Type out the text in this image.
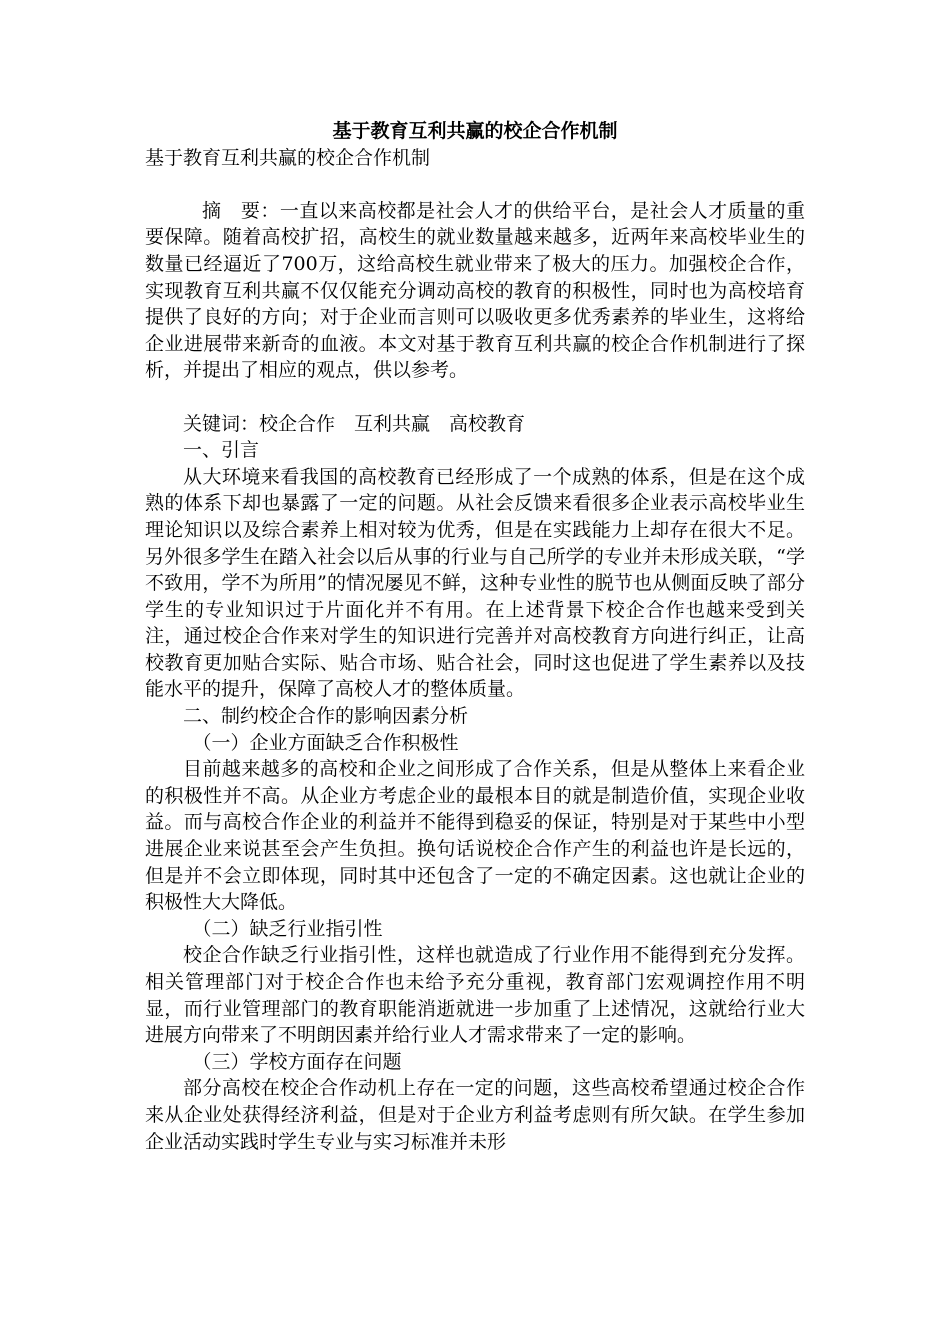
基于教育互利共赢的校企合作机制

基于教育互利共赢的校企合作机制

摘　要：一直以来高校都是社会人才的供给平台，是社会人才质量的重要保障。随着高校扩招，高校生的就业数量越来越多，近两年来高校毕业生的数量已经逼近了700万，这给高校生就业带来了极大的压力。加强校企合作，实现教育互利共赢不仅仅能充分调动高校的教育的积极性，同时也为高校培育提供了良好的方向；对于企业而言则可以吸收更多优秀素养的毕业生，这将给企业进展带来新奇的血液。本文对基于教育互利共赢的校企合作机制进行了探析，并提出了相应的观点，供以参考。

关键词：校企合作　互利共赢　高校教育

一、引言

从大环境来看我国的高校教育已经形成了一个成熟的体系，但是在这个成熟的体系下却也暴露了一定的问题。从社会反馈来看很多企业表示高校毕业生理论知识以及综合素养上相对较为优秀，但是在实践能力上却存在很大不足。另外很多学生在踏入社会以后从事的行业与自己所学的专业并未形成关联，“学不致用，学不为所用”的情况屡见不鲜，这种专业性的脱节也从侧面反映了部分学生的专业知识过于片面化并不有用。在上述背景下校企合作也越来受到关注，通过校企合作来对学生的知识进行完善并对高校教育方向进行纠正，让高校教育更加贴合实际、贴合市场、贴合社会，同时这也促进了学生素养以及技能水平的提升，保障了高校人才的整体质量。

二、制约校企合作的影响因素分析

（一）企业方面缺乏合作积极性

目前越来越多的高校和企业之间形成了合作关系，但是从整体上来看企业的积极性并不高。从企业方考虑企业的最根本目的就是制造价值，实现企业收益。而与高校合作企业的利益并不能得到稳妥的保证，特别是对于某些中小型进展企业来说甚至会产生负担。换句话说校企合作产生的利益也许是长远的，但是并不会立即体现，同时其中还包含了一定的不确定因素。这也就让企业的积极性大大降低。

（二）缺乏行业指引性

校企合作缺乏行业指引性，这样也就造成了行业作用不能得到充分发挥。相关管理部门对于校企合作也未给予充分重视，教育部门宏观调控作用不明显，而行业管理部门的教育职能消逝就进一步加重了上述情况，这就给行业大进展方向带来了不明朗因素并给行业人才需求带来了一定的影响。

（三）学校方面存在问题

部分高校在校企合作动机上存在一定的问题，这些高校希望通过校企合作来从企业处获得经济利益，但是对于企业方利益考虑则有所欠缺。在学生参加企业活动实践时学生专业与实习标准并未形
